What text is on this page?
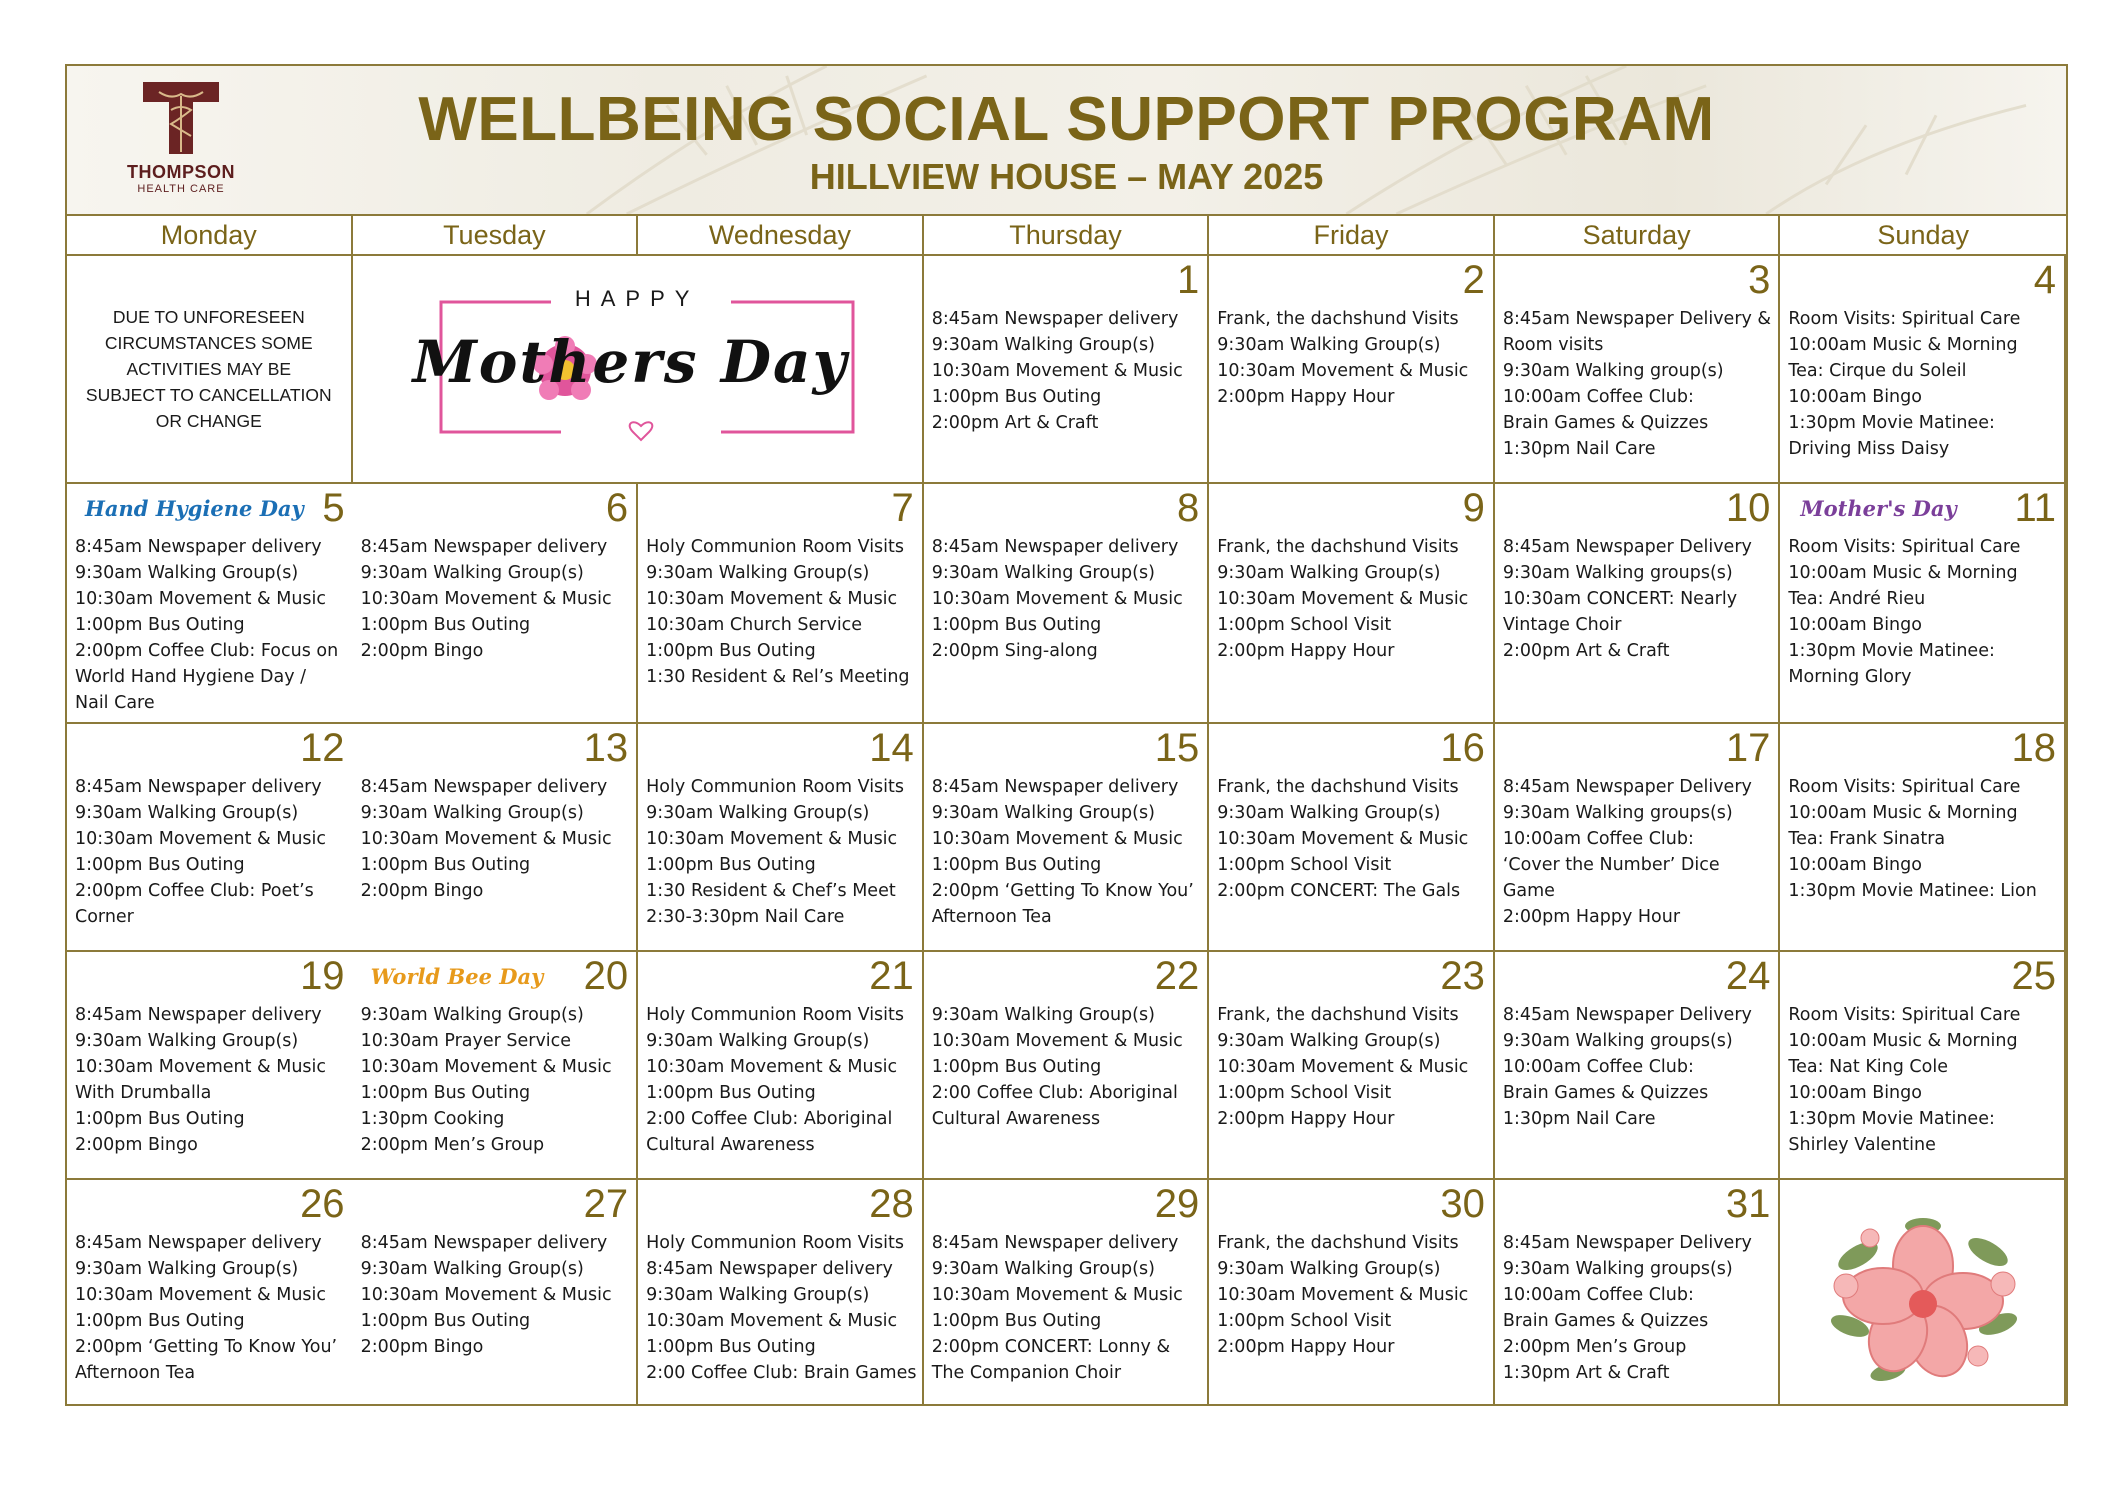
THOMPSON
HEALTH CARE
WELLBEING SOCIAL SUPPORT PROGRAM
HILLVIEW HOUSE – MAY 2025
Monday	Tuesday	Wednesday	Thursday	Friday	Saturday	Sunday
DUE TO UNFORESEEN CIRCUMSTANCES SOME ACTIVITIES MAY BE SUBJECT TO CANCELLATION OR CHANGE
HAPPY
Mothers Day
1
8:45am Newspaper delivery
9:30am Walking Group(s)
10:30am Movement & Music
1:00pm Bus Outing
2:00pm Art & Craft
2
Frank, the dachshund Visits
9:30am Walking Group(s)
10:30am Movement & Music
2:00pm Happy Hour
3
8:45am Newspaper Delivery &
Room visits
9:30am Walking group(s)
10:00am Coffee Club:
Brain Games & Quizzes
1:30pm Nail Care
4
Room Visits: Spiritual Care
10:00am Music & Morning
Tea: Cirque du Soleil
10:00am Bingo
1:30pm Movie Matinee:
Driving Miss Daisy
Hand Hygiene Day 5
8:45am Newspaper delivery
9:30am Walking Group(s)
10:30am Movement & Music
1:00pm Bus Outing
2:00pm Coffee Club: Focus on
World Hand Hygiene Day /
Nail Care
6
8:45am Newspaper delivery
9:30am Walking Group(s)
10:30am Movement & Music
1:00pm Bus Outing
2:00pm Bingo
7
Holy Communion Room Visits
9:30am Walking Group(s)
10:30am Movement & Music
10:30am Church Service
1:00pm Bus Outing
1:30 Resident & Rel’s Meeting
8
8:45am Newspaper delivery
9:30am Walking Group(s)
10:30am Movement & Music
1:00pm Bus Outing
2:00pm Sing-along
9
Frank, the dachshund Visits
9:30am Walking Group(s)
10:30am Movement & Music
1:00pm School Visit
2:00pm Happy Hour
10
8:45am Newspaper Delivery
9:30am Walking groups(s)
10:30am CONCERT: Nearly
Vintage Choir
2:00pm Art & Craft
Mother's Day 11
Room Visits: Spiritual Care
10:00am Music & Morning
Tea: André Rieu
10:00am Bingo
1:30pm Movie Matinee:
Morning Glory
12
8:45am Newspaper delivery
9:30am Walking Group(s)
10:30am Movement & Music
1:00pm Bus Outing
2:00pm Coffee Club: Poet’s
Corner
13
8:45am Newspaper delivery
9:30am Walking Group(s)
10:30am Movement & Music
1:00pm Bus Outing
2:00pm Bingo
14
Holy Communion Room Visits
9:30am Walking Group(s)
10:30am Movement & Music
1:00pm Bus Outing
1:30 Resident & Chef’s Meet
2:30-3:30pm Nail Care
15
8:45am Newspaper delivery
9:30am Walking Group(s)
10:30am Movement & Music
1:00pm Bus Outing
2:00pm ‘Getting To Know You’
Afternoon Tea
16
Frank, the dachshund Visits
9:30am Walking Group(s)
10:30am Movement & Music
1:00pm School Visit
2:00pm CONCERT: The Gals
17
8:45am Newspaper Delivery
9:30am Walking groups(s)
10:00am Coffee Club:
‘Cover the Number’ Dice
Game
2:00pm Happy Hour
18
Room Visits: Spiritual Care
10:00am Music & Morning
Tea: Frank Sinatra
10:00am Bingo
1:30pm Movie Matinee: Lion
19
8:45am Newspaper delivery
9:30am Walking Group(s)
10:30am Movement & Music
With Drumballa
1:00pm Bus Outing
2:00pm Bingo
World Bee Day 20
9:30am Walking Group(s)
10:30am Prayer Service
10:30am Movement & Music
1:00pm Bus Outing
1:30pm Cooking
2:00pm Men’s Group
21
Holy Communion Room Visits
9:30am Walking Group(s)
10:30am Movement & Music
1:00pm Bus Outing
2:00 Coffee Club: Aboriginal
Cultural Awareness
22
9:30am Walking Group(s)
10:30am Movement & Music
1:00pm Bus Outing
2:00 Coffee Club: Aboriginal
Cultural Awareness
23
Frank, the dachshund Visits
9:30am Walking Group(s)
10:30am Movement & Music
1:00pm School Visit
2:00pm Happy Hour
24
8:45am Newspaper Delivery
9:30am Walking groups(s)
10:00am Coffee Club:
Brain Games & Quizzes
1:30pm Nail Care
25
Room Visits: Spiritual Care
10:00am Music & Morning
Tea: Nat King Cole
10:00am Bingo
1:30pm Movie Matinee:
Shirley Valentine
26
8:45am Newspaper delivery
9:30am Walking Group(s)
10:30am Movement & Music
1:00pm Bus Outing
2:00pm ‘Getting To Know You’
Afternoon Tea
27
8:45am Newspaper delivery
9:30am Walking Group(s)
10:30am Movement & Music
1:00pm Bus Outing
2:00pm Bingo
28
Holy Communion Room Visits
8:45am Newspaper delivery
9:30am Walking Group(s)
10:30am Movement & Music
1:00pm Bus Outing
2:00 Coffee Club: Brain Games
29
8:45am Newspaper delivery
9:30am Walking Group(s)
10:30am Movement & Music
1:00pm Bus Outing
2:00pm CONCERT: Lonny &
The Companion Choir
30
Frank, the dachshund Visits
9:30am Walking Group(s)
10:30am Movement & Music
1:00pm School Visit
2:00pm Happy Hour
31
8:45am Newspaper Delivery
9:30am Walking groups(s)
10:00am Coffee Club:
Brain Games & Quizzes
2:00pm Men’s Group
1:30pm Art & Craft
